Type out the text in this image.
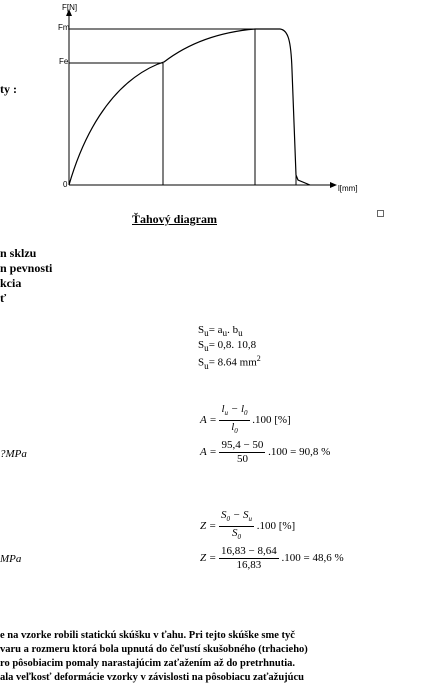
F[N]
Fm
Fe
0	l[mm]
Ťahový diagram
ty :
n sklzu
n pevnosti
kcia
ť
?MPa
MPa
$S_u= a_u$. $b_u$
$S_u= 0,8$. 10,8
$S_u= 8.64$ $mm^2$
$A = \frac{l_u - l_0}{l_0} .100$ [%]
$A = \frac{95,4 - 50}{50} .100 = 90,8$ %
$Z = \frac{S_0 - S_u}{S_0} .100$ [%]
$Z = \frac{16,83 - 8,64}{16,83} .100 = 48,6$ %
e na vzorke robili statickú skúšku v ťahu. Pri tejto skúške sme tyč
varu a rozmeru ktorá bola upnutá do čeľustí skušobného (trhacieho)
ro pôsobiacim pomaly narastajúcim zaťažením až do pretrhnutia.
ala veľkosť deformácie vzorky v závislosti na pôsobiacu zaťažujúcu
